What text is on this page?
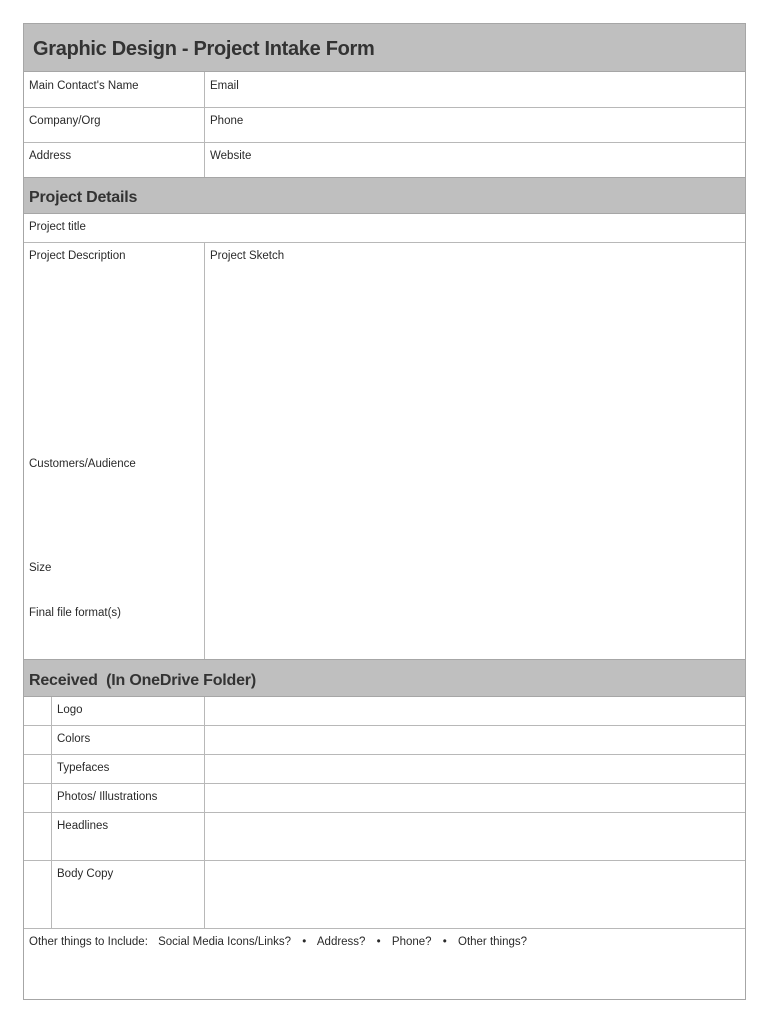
Graphic Design - Project Intake Form
Main Contact's Name	Email
Company/Org	Phone
Address	Website
Project Details
Project title
Project Description	Project Sketch
Customers/Audience
Size
Final file format(s)
Received  (In OneDrive Folder)
Logo
Colors
Typefaces
Photos/ Illustrations
Headlines
Body Copy
Other things to Include: Social Media Icons/Links? • Address? • Phone? • Other things?
